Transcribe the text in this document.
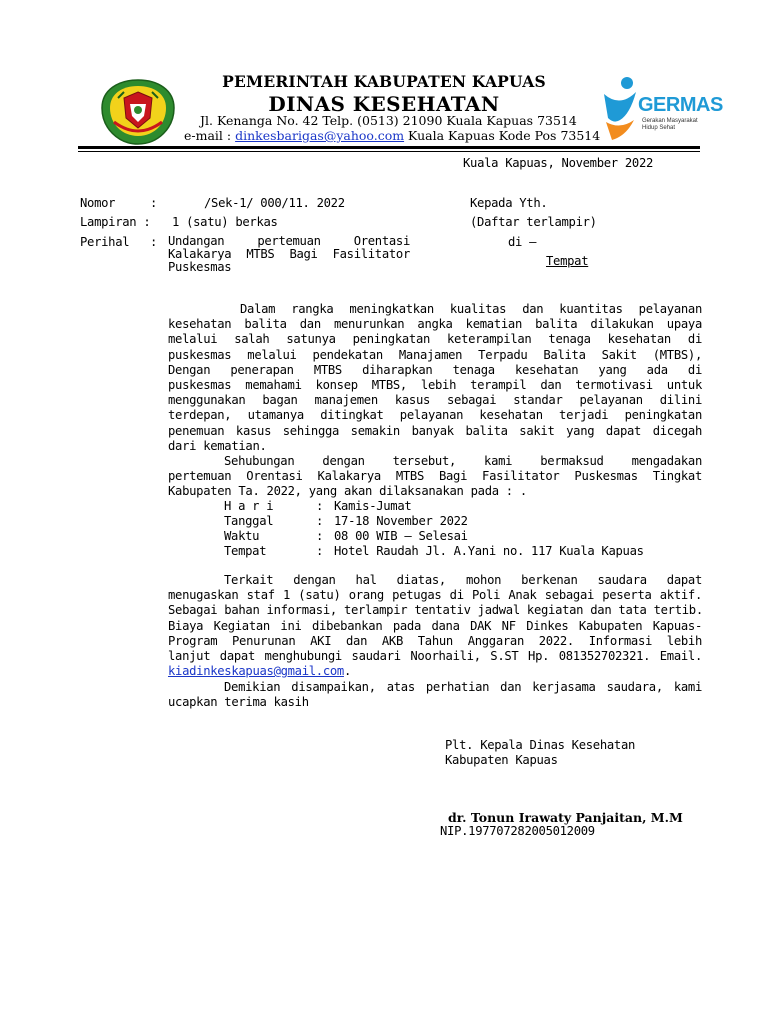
PEMERINTAH KABUPATEN KAPUAS
DINAS KESEHATAN
Jl. Kenanga No. 42 Telp. (0513) 21090 Kuala Kapuas 73514
e-mail : dinkesbarigas@yahoo.com Kuala Kapuas Kode Pos 73514
GERMAS
Gerakan Masyarakat
Hidup Sehat
Kuala Kapuas, November 2022
Nomor	:	/Sek-1/ 000/11. 2022
Lampiran : 1 (satu) berkas
Perihal : Undangan pertemuan Orentasi
Kalakarya MTBS Bagi Fasilitator
Puskesmas
Kepada Yth.
(Daftar terlampir)
di –
Tempat
Dalam rangka meningkatkan kualitas dan kuantitas pelayanan
kesehatan balita dan menurunkan angka kematian balita dilakukan upaya
melalui salah satunya peningkatan keterampilan tenaga kesehatan di
puskesmas melalui pendekatan Manajamen Terpadu Balita Sakit (MTBS),
Dengan penerapan MTBS diharapkan tenaga kesehatan yang ada di
puskesmas memahami konsep MTBS, lebih terampil dan termotivasi untuk
menggunakan bagan manajemen kasus sebagai standar pelayanan dilini
terdepan, utamanya ditingkat pelayanan kesehatan terjadi peningkatan
penemuan kasus sehingga semakin banyak balita sakit yang dapat dicegah
dari kematian.
Sehubungan dengan tersebut, kami bermaksud mengadakan
pertemuan Orentasi Kalakarya MTBS Bagi Fasilitator Puskesmas Tingkat
Kabupaten Ta. 2022, yang akan dilaksanakan pada : .
H a r i	: Kamis-Jumat
Tanggal	: 17-18 November 2022
Waktu	: 08 00 WIB – Selesai
Tempat	: Hotel Raudah Jl. A.Yani no. 117 Kuala Kapuas
Terkait dengan hal diatas, mohon berkenan saudara dapat
menugaskan staf 1 (satu) orang petugas di Poli Anak sebagai peserta aktif.
Sebagai bahan informasi, terlampir tentativ jadwal kegiatan dan tata tertib.
Biaya Kegiatan ini dibebankan pada dana DAK NF Dinkes Kabupaten Kapuas-
Program Penurunan AKI dan AKB Tahun Anggaran 2022. Informasi lebih
lanjut dapat menghubungi saudari Noorhaili, S.ST Hp. 081352702321. Email.
kiadinkeskapuas@gmail.com.
Demikian disampaikan, atas perhatian dan kerjasama saudara, kami
ucapkan terima kasih
Plt. Kepala Dinas Kesehatan
Kabupaten Kapuas
dr. Tonun Irawaty Panjaitan, M.M
NIP.197707282005012009
